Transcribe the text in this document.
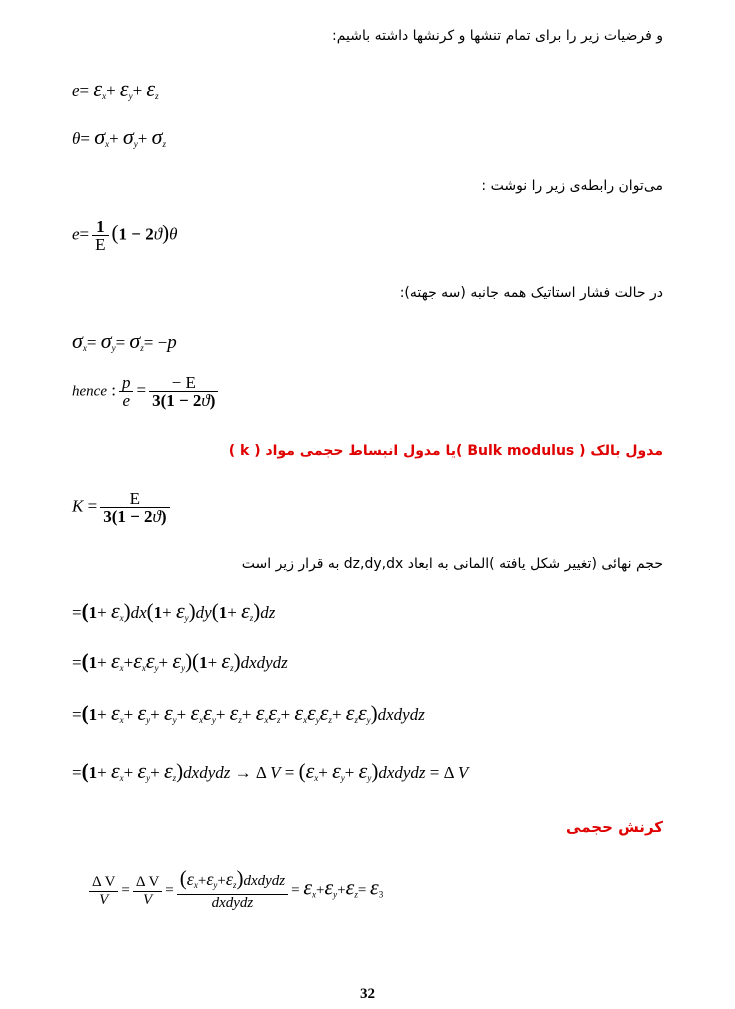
و فرضیات زیر را برای تمام تنشها و کرنشها داشته باشیم:
$e= \varepsilon_x+ \varepsilon_y+ \varepsilon_z$
$\theta= \sigma_x+ \sigma_y+ \sigma_z$
می‌توان رابطه‌ی زیر را نوشت :
$e= \frac{1}{E} (1 - 2ϑ)\theta$
در حالت فشار استاتیک همه جانبه (سه جهته):
$\sigma_x= \sigma_y= \sigma_z= -p$
hence : $\frac{p}{e} = \frac{- E}{3(1 - 2ϑ)}$
مدول بالک ( Bulk modulus )یا مدول انبساط حجمی مواد ( k )
$K = \frac{E}{3(1 - 2ϑ)}$
حجم نهائی (تغییر شکل یافته )المانی به ابعاد dz,dy,dx به قرار زیر است
$=(1+ \varepsilon_x)dx(1+ \varepsilon_y)dy(1+ \varepsilon_z)dz$
$=(1+ \varepsilon_x+\varepsilon_x\varepsilon_y+ \varepsilon_y)(1+$ $\varepsilon_z)dxdydz$
$=(1+ \varepsilon_x+ \varepsilon_y+ \varepsilon_y+ \varepsilon_x\varepsilon_y+ \varepsilon_z+ \varepsilon_x\varepsilon_z+ \varepsilon_x\varepsilon_y\varepsilon_z+$ $\varepsilon_z\varepsilon_y)dxdydz$
$=(1+ \varepsilon_x+ \varepsilon_y+$ $\varepsilon_z)dxdydz \to \Delta$ $V = (\varepsilon_x+ \varepsilon_y+$ $\varepsilon_y)dxdydz = \Delta$ V
کرنش حجمی
$\frac{\text{Δ V}}{V} = \frac{\text{Δ V}}{V} = \frac{(\varepsilon_x+\varepsilon_y+\varepsilon_z)dxdydz}{\text{dxdydz}} = \varepsilon_x+\varepsilon_y+\varepsilon_z= \varepsilon_3$
32
